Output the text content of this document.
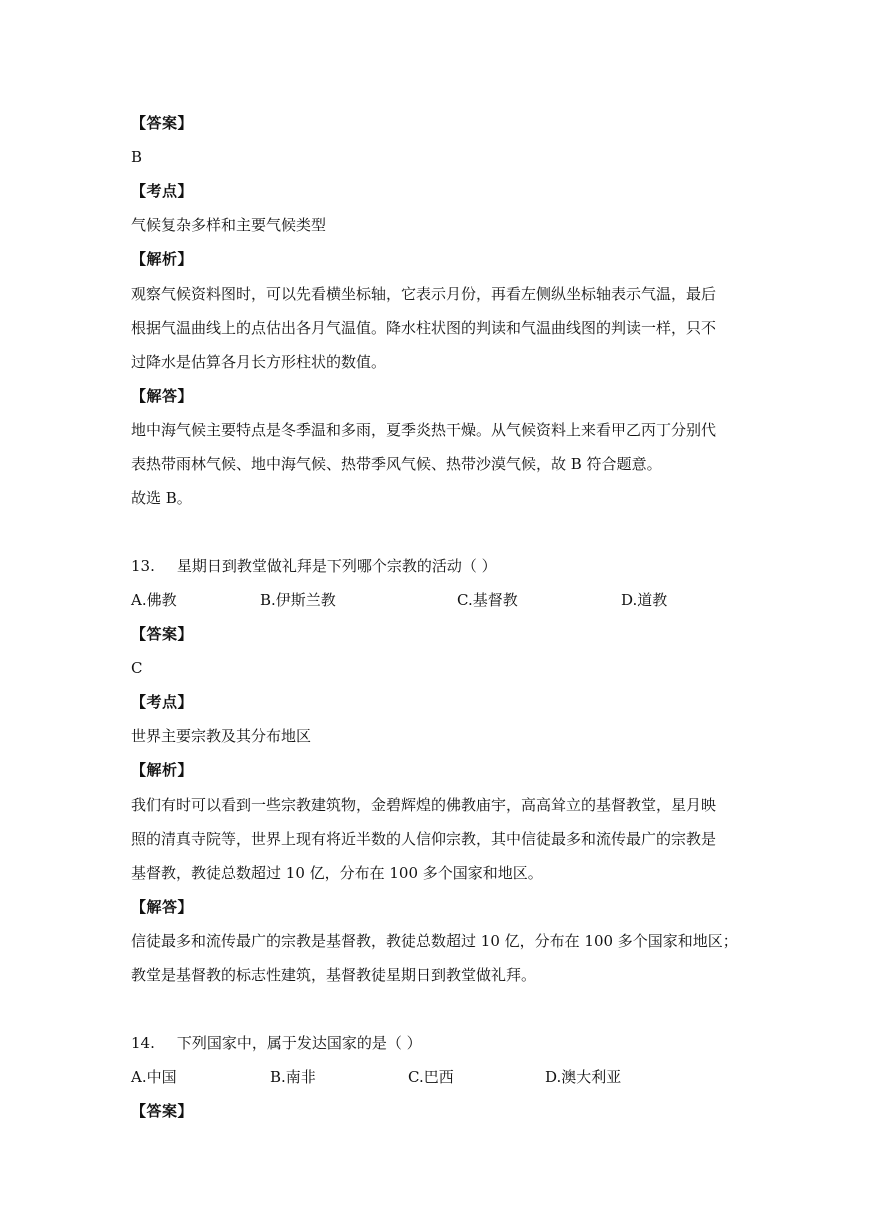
【答案】
B
【考点】
气候复杂多样和主要气候类型
【解析】
观察气候资料图时，可以先看横坐标轴，它表示月份，再看左侧纵坐标轴表示气温，最后
根据气温曲线上的点估出各月气温值。降水柱状图的判读和气温曲线图的判读一样，只不
过降水是估算各月长方形柱状的数值。
【解答】
地中海气候主要特点是冬季温和多雨，夏季炎热干燥。从气候资料上来看甲乙丙丁分别代
表热带雨林气候、地中海气候、热带季风气候、热带沙漠气候，故 B 符合题意。
故选 B。
13. 星期日到教堂做礼拜是下列哪个宗教的活动（ ）
A.佛教	B.伊斯兰教	C.基督教	D.道教
【答案】
C
【考点】
世界主要宗教及其分布地区
【解析】
我们有时可以看到一些宗教建筑物，金碧辉煌的佛教庙宇，高高耸立的基督教堂，星月映
照的清真寺院等，世界上现有将近半数的人信仰宗教，其中信徒最多和流传最广的宗教是
基督教，教徒总数超过 10 亿，分布在 100 多个国家和地区。
【解答】
信徒最多和流传最广的宗教是基督教，教徒总数超过 10 亿，分布在 100 多个国家和地区；
教堂是基督教的标志性建筑，基督教徒星期日到教堂做礼拜。
14. 下列国家中，属于发达国家的是（ ）
A.中国	B.南非	C.巴西	D.澳大利亚
【答案】
